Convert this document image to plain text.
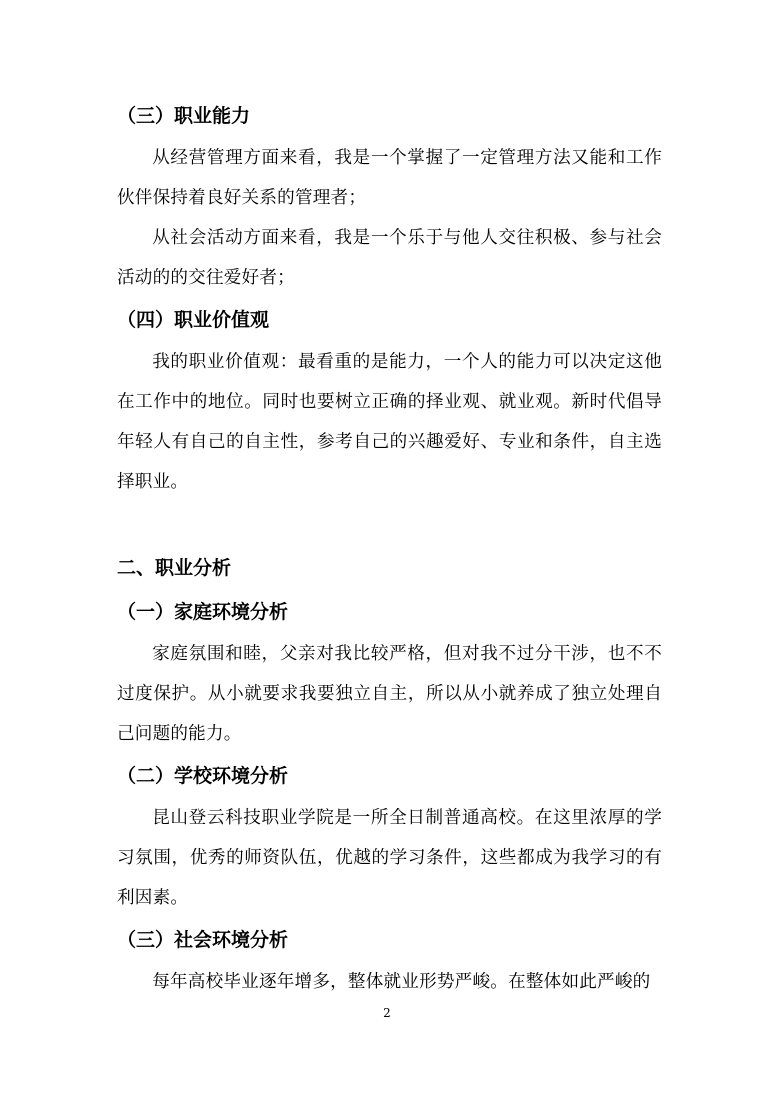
（三）职业能力

从经营管理方面来看，我是一个掌握了一定管理方法又能和工作伙伴保持着良好关系的管理者；

从社会活动方面来看，我是一个乐于与他人交往积极、参与社会活动的的交往爱好者；

（四）职业价值观

我的职业价值观：最看重的是能力，一个人的能力可以决定这他在工作中的地位。同时也要树立正确的择业观、就业观。新时代倡导年轻人有自己的自主性，参考自己的兴趣爱好、专业和条件，自主选择职业。

二、职业分析
（一）家庭环境分析

家庭氛围和睦，父亲对我比较严格，但对我不过分干涉，也不不过度保护。从小就要求我要独立自主，所以从小就养成了独立处理自己问题的能力。

（二）学校环境分析

昆山登云科技职业学院是一所全日制普通高校。在这里浓厚的学习氛围，优秀的师资队伍，优越的学习条件，这些都成为我学习的有利因素。

（三）社会环境分析

每年高校毕业逐年增多，整体就业形势严峻。在整体如此严峻的

2
